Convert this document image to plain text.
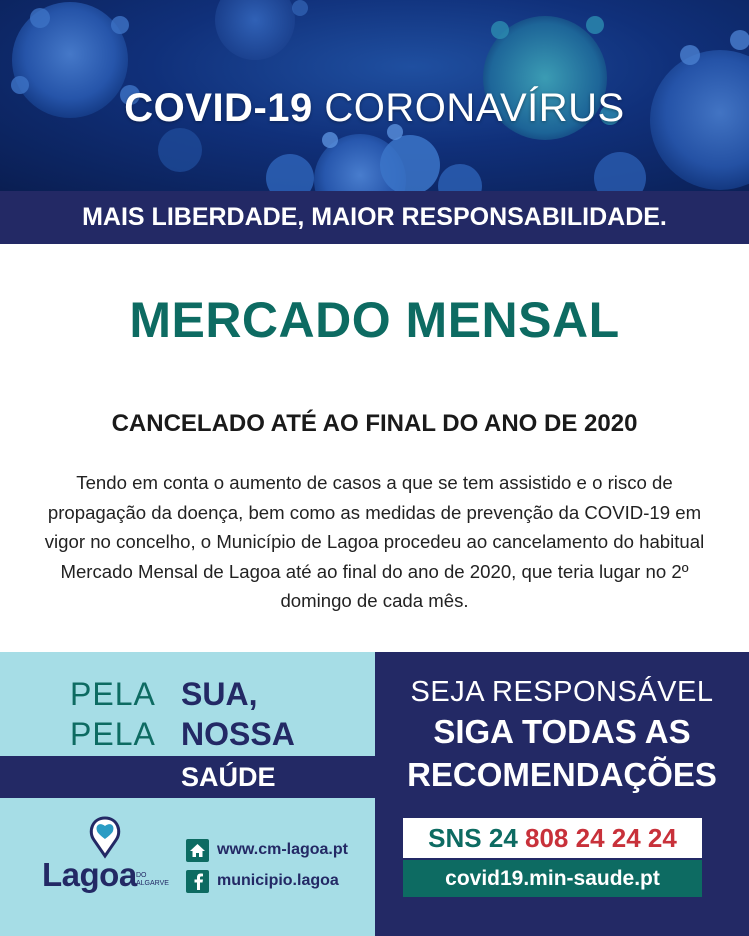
COVID-19 CORONAVÍRUS
MAIS LIBERDADE, MAIOR RESPONSABILIDADE.
MERCADO MENSAL
CANCELADO ATÉ AO FINAL DO ANO DE 2020

Tendo em conta o aumento de casos a que se tem assistido e o risco de propagação da doença, bem como as medidas de prevenção da COVID-19 em vigor no concelho, o Município de Lagoa procedeu ao cancelamento do habitual Mercado Mensal de Lagoa até ao final do ano de 2020, que teria lugar no 2º domingo de cada mês.

PELA SUA,
PELA NOSSA
SAÚDE
Lagoa DO
ALGARVE
www.cm-lagoa.pt
municipio.lagoa
SEJA RESPONSÁVEL
SIGA TODAS AS
RECOMENDAÇÕES
SNS 24 808 24 24 24
covid19.min-saude.pt
